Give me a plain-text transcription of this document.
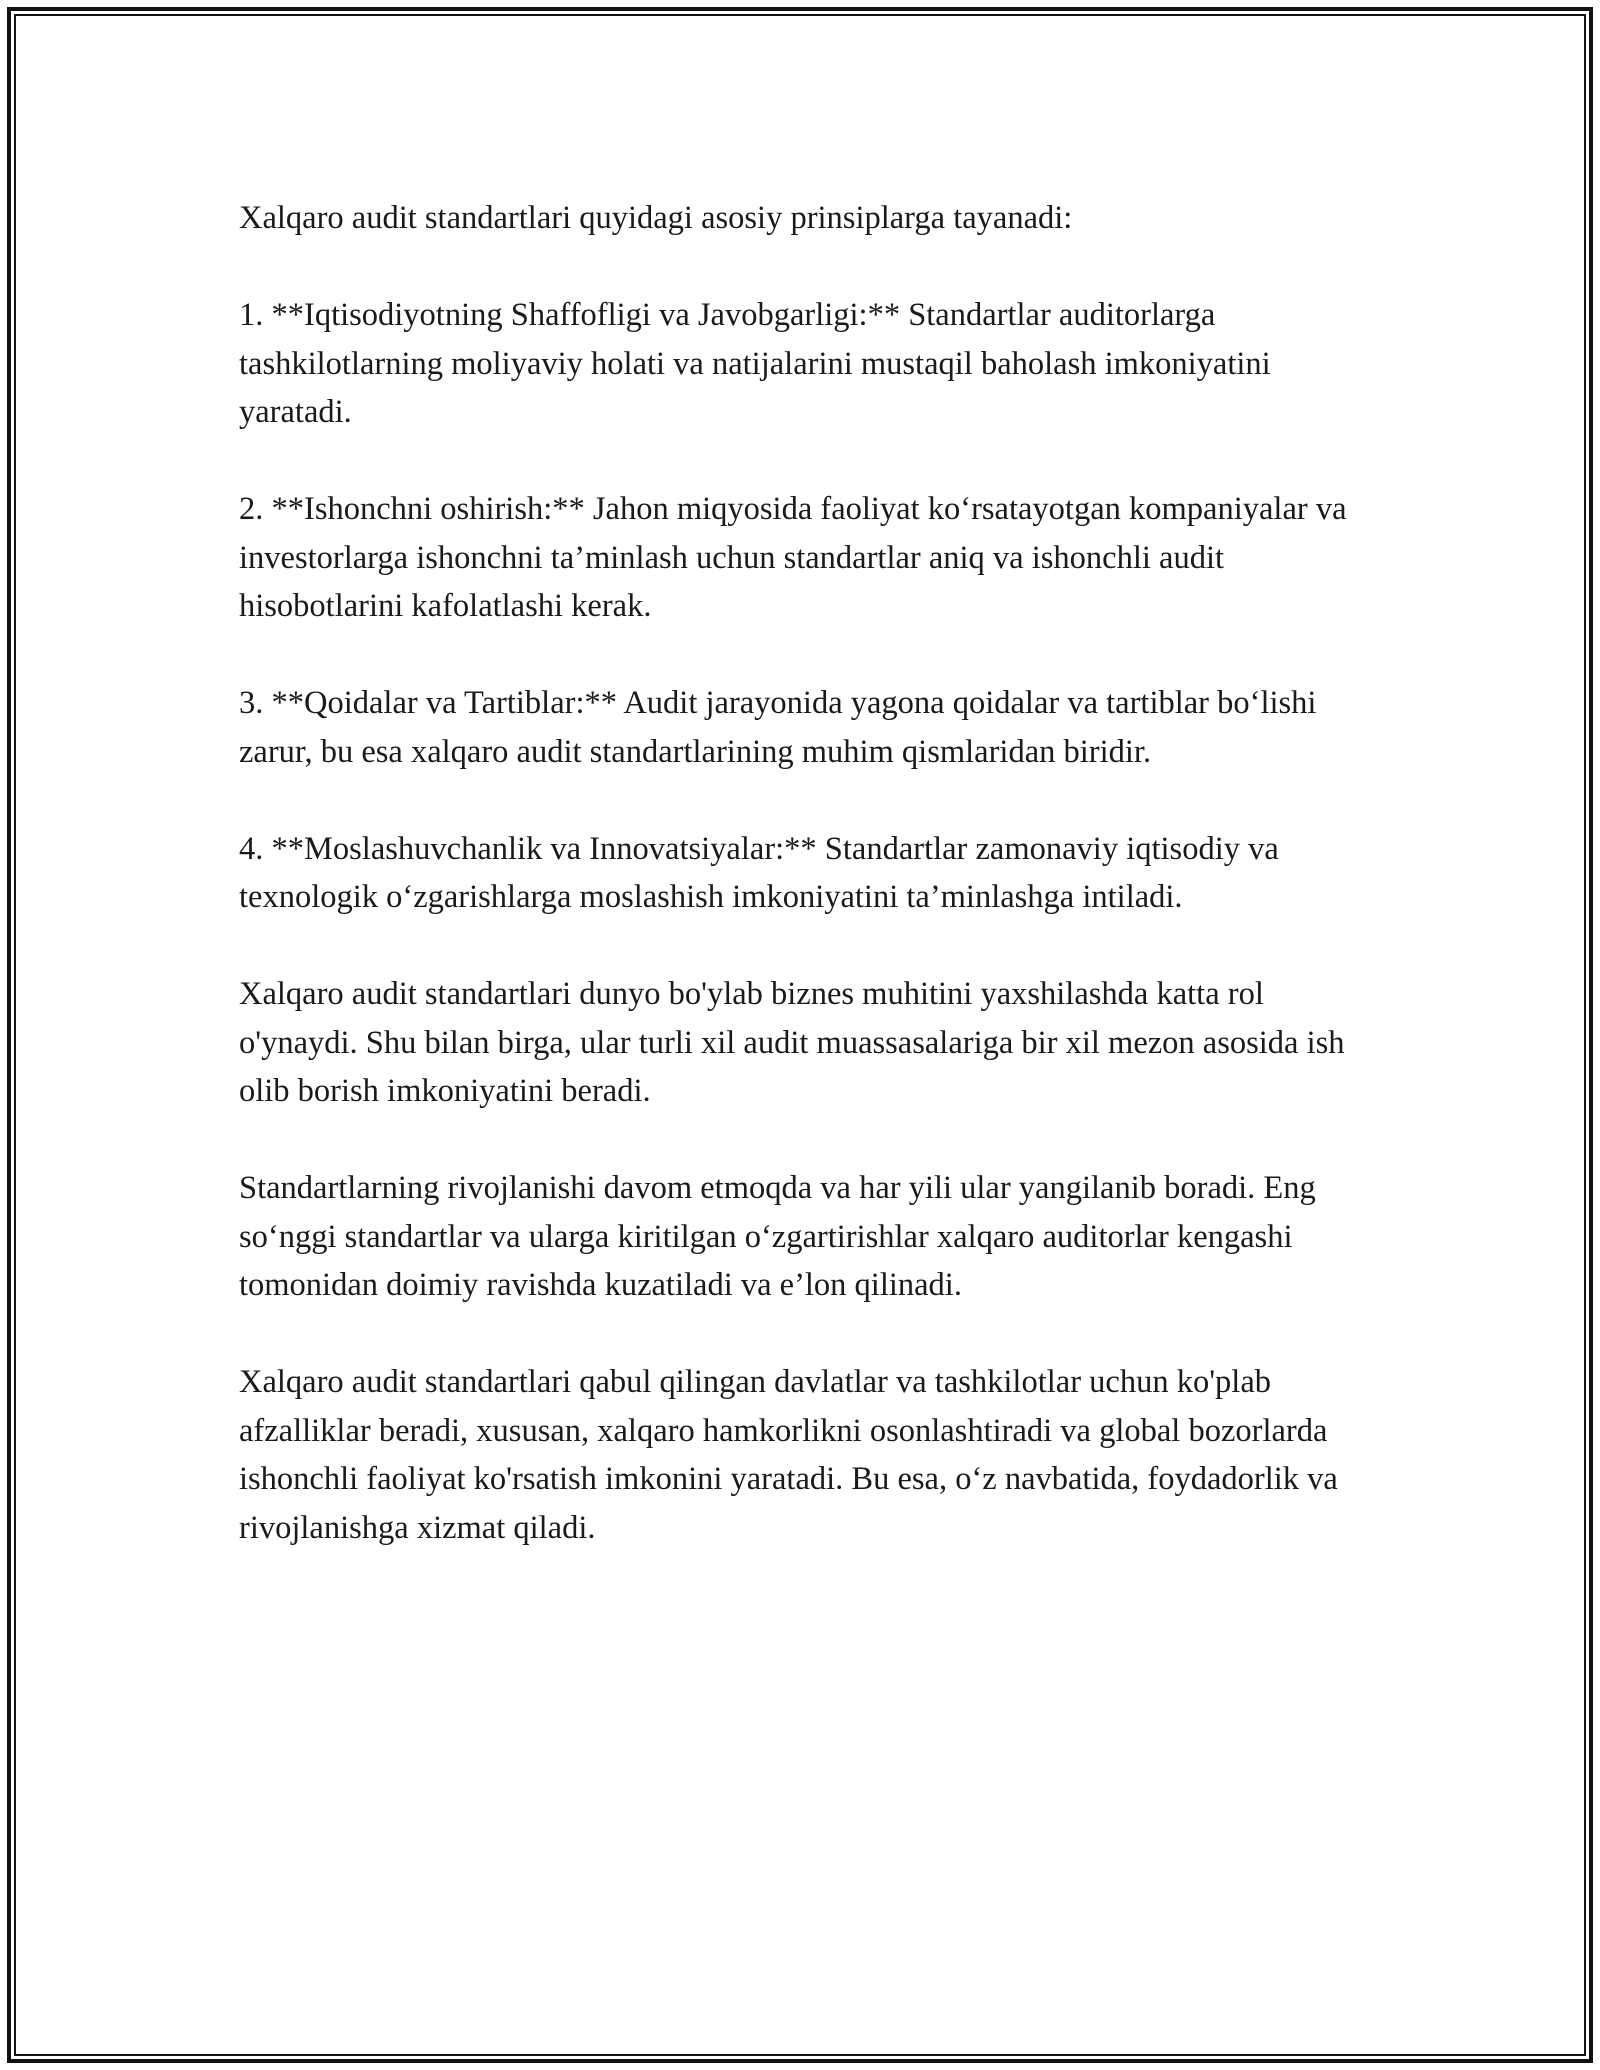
Xalqaro audit standartlari quyidagi asosiy prinsiplarga tayanadi:

1. **Iqtisodiyotning Shaffofligi va Javobgarligi:** Standartlar auditorlarga tashkilotlarning moliyaviy holati va natijalarini mustaqil baholash imkoniyatini yaratadi.

2. **Ishonchni oshirish:** Jahon miqyosida faoliyat ko‘rsatayotgan kompaniyalar va investorlarga ishonchni ta’minlash uchun standartlar aniq va ishonchli audit hisobotlarini kafolatlashi kerak.

3. **Qoidalar va Tartiblar:** Audit jarayonida yagona qoidalar va tartiblar bo‘lishi zarur, bu esa xalqaro audit standartlarining muhim qismlaridan biridir.

4. **Moslashuvchanlik va Innovatsiyalar:** Standartlar zamonaviy iqtisodiy va texnologik o‘zgarishlarga moslashish imkoniyatini ta’minlashga intiladi.

Xalqaro audit standartlari dunyo bo'ylab biznes muhitini yaxshilashda katta rol o'ynaydi. Shu bilan birga, ular turli xil audit muassasalariga bir xil mezon asosida ish olib borish imkoniyatini beradi.

Standartlarning rivojlanishi davom etmoqda va har yili ular yangilanib boradi. Eng so‘nggi standartlar va ularga kiritilgan o‘zgartirishlar xalqaro auditorlar kengashi tomonidan doimiy ravishda kuzatiladi va e’lon qilinadi.

Xalqaro audit standartlari qabul qilingan davlatlar va tashkilotlar uchun ko'plab afzalliklar beradi, xususan, xalqaro hamkorlikni osonlashtiradi va global bozorlarda ishonchli faoliyat ko'rsatish imkonini yaratadi. Bu esa, o‘z navbatida, foydadorlik va rivojlanishga xizmat qiladi.
